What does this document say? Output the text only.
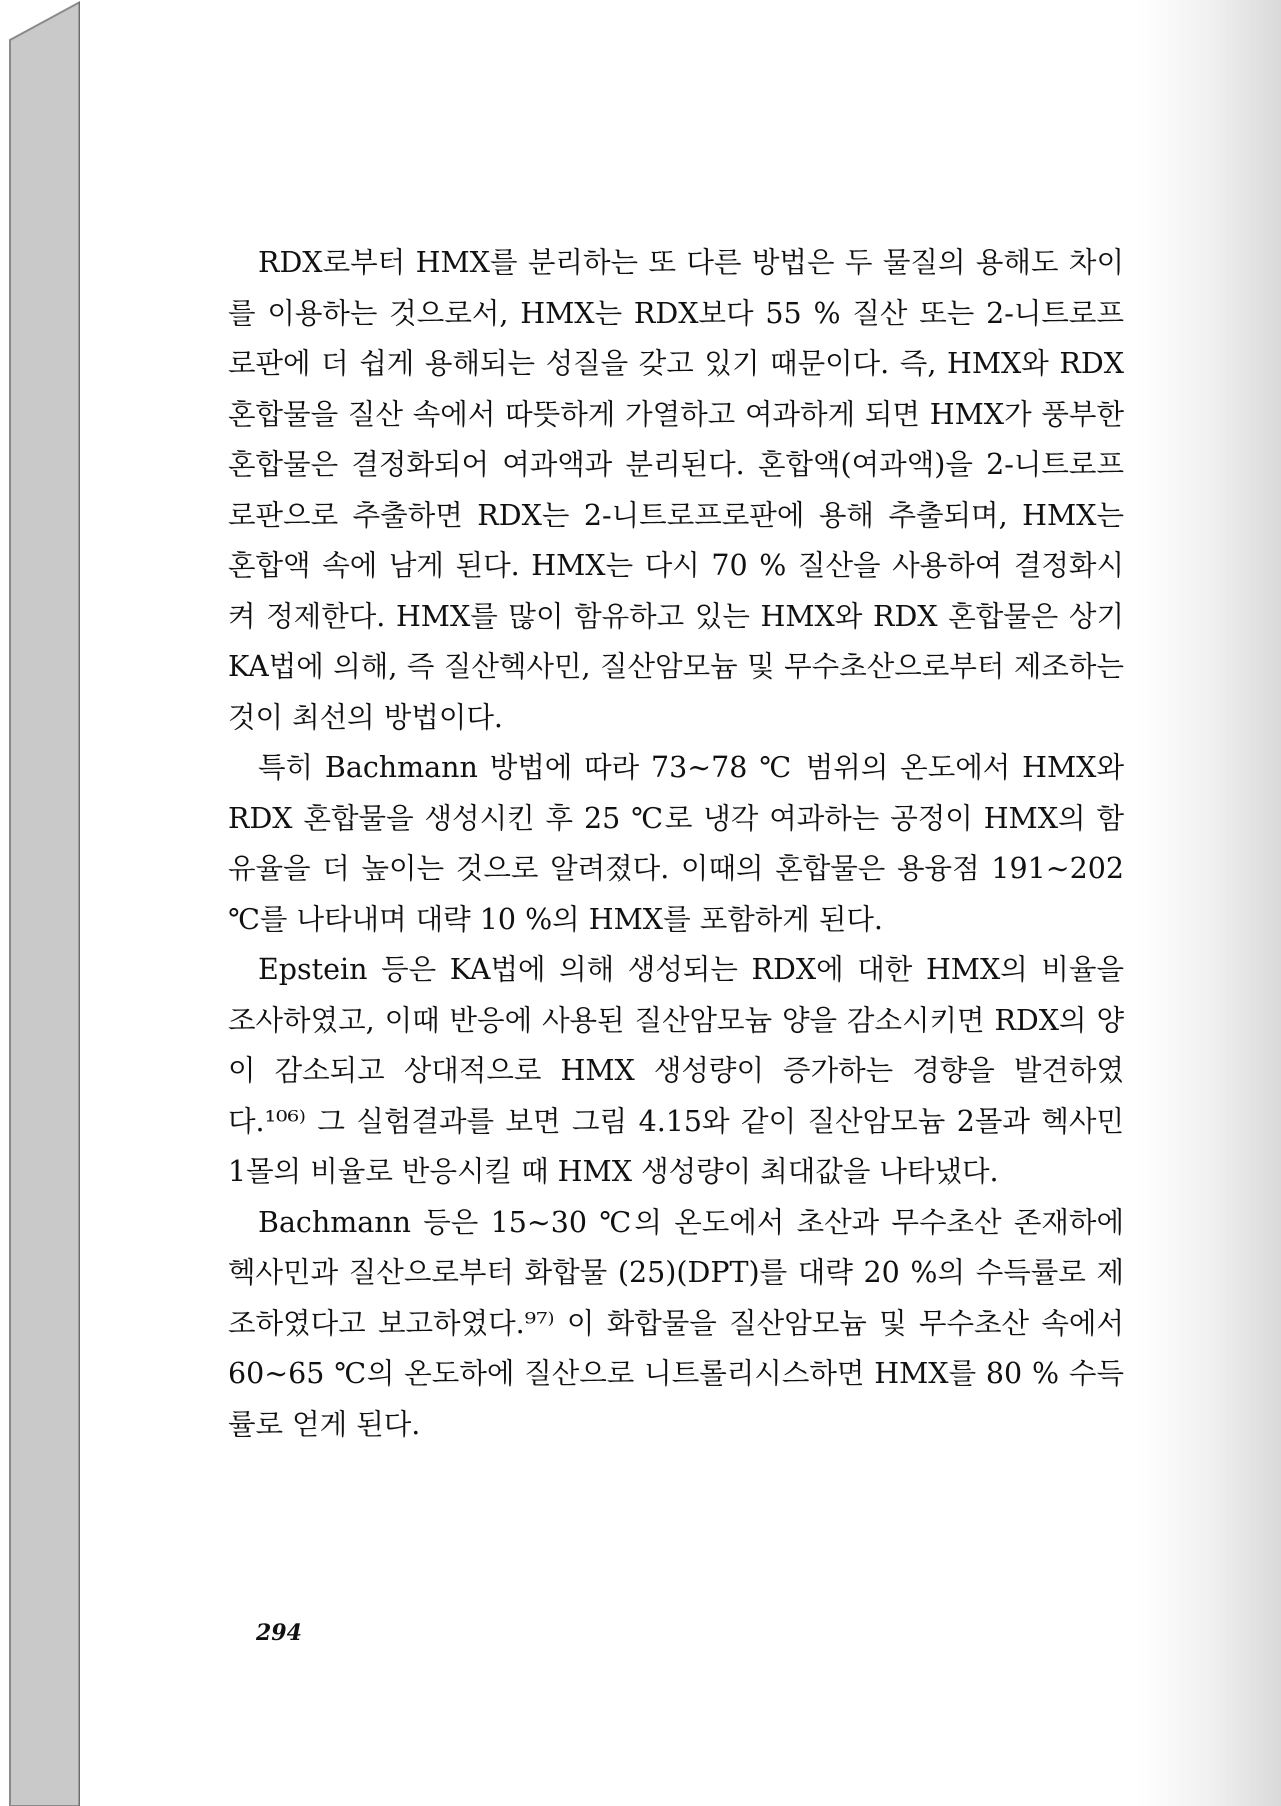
RDX로부터 HMX를 분리하는 또 다른 방법은 두 물질의 용해도 차이를 이용하는 것으로서, HMX는 RDX보다 55 % 질산 또는 2-니트로프로판에 더 쉽게 용해되는 성질을 갖고 있기 때문이다. 즉, HMX와 RDX 혼합물을 질산 속에서 따뜻하게 가열하고 여과하게 되면 HMX가 풍부한 혼합물은 결정화되어 여과액과 분리된다. 혼합액(여과액)을 2-니트로프로판으로 추출하면 RDX는 2-니트로프로판에 용해 추출되며, HMX는 혼합액 속에 남게 된다. HMX는 다시 70 % 질산을 사용하여 결정화시켜 정제한다. HMX를 많이 함유하고 있는 HMX와 RDX 혼합물은 상기 KA법에 의해, 즉 질산헥사민, 질산암모늄 및 무수초산으로부터 제조하는 것이 최선의 방법이다.

특히 Bachmann 방법에 따라 73∼78 ℃ 범위의 온도에서 HMX와 RDX 혼합물을 생성시킨 후 25 ℃로 냉각 여과하는 공정이 HMX의 함유율을 더 높이는 것으로 알려졌다. 이때의 혼합물은 용융점 191∼202 ℃를 나타내며 대략 10 %의 HMX를 포함하게 된다.

Epstein 등은 KA법에 의해 생성되는 RDX에 대한 HMX의 비율을 조사하였고, 이때 반응에 사용된 질산암모늄 양을 감소시키면 RDX의 양이 감소되고 상대적으로 HMX 생성량이 증가하는 경향을 발견하였다.¹⁰⁶⁾ 그 실험결과를 보면 그림 4.15와 같이 질산암모늄 2몰과 헥사민 1몰의 비율로 반응시킬 때 HMX 생성량이 최대값을 나타냈다.

Bachmann 등은 15∼30 ℃의 온도에서 초산과 무수초산 존재하에 헥사민과 질산으로부터 화합물 (25)(DPT)를 대략 20 %의 수득률로 제조하였다고 보고하였다.⁹⁷⁾ 이 화합물을 질산암모늄 및 무수초산 속에서 60∼65 ℃의 온도하에 질산으로 니트롤리시스하면 HMX를 80 % 수득률로 얻게 된다.

294
